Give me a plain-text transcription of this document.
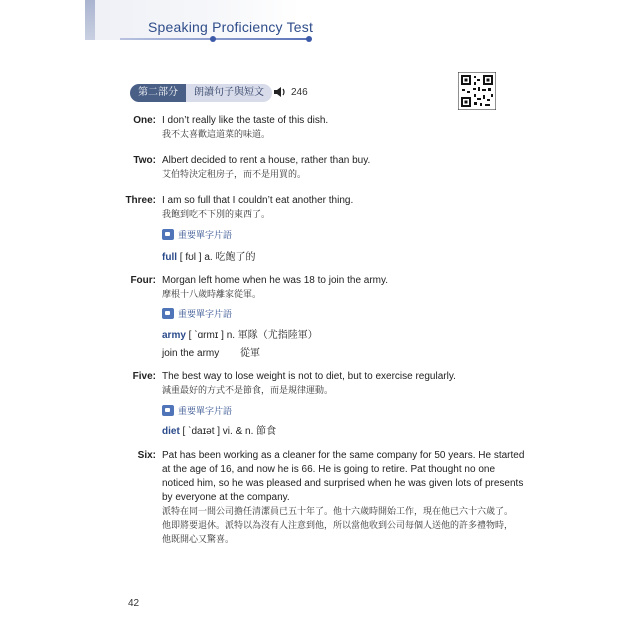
Speaking Proficiency Test
第二部分	朗讀句子與短文	246
One: I don’t really like the taste of this dish.
我不太喜歡這道菜的味道。
Two: Albert decided to rent a house, rather than buy.
艾伯特決定租房子，而不是用買的。
Three: I am so full that I couldn’t eat another thing.
我飽到吃不下別的東西了。
重要單字片語
full [ fʊl ] a. 吃飽了的
Four: Morgan left home when he was 18 to join the army.
摩根十八歲時離家從軍。
重要單字片語
army [ ˋɑrmɪ ] n. 軍隊（尤指陸軍）
join the army 從軍
Five: The best way to lose weight is not to diet, but to exercise regularly.
減重最好的方式不是節食，而是規律運動。
重要單字片語
diet [ ˋdaɪət ] vi. & n. 節食
Six: Pat has been working as a cleaner for the same company for 50 years. He started
at the age of 16, and now he is 66. He is going to retire. Pat thought no one
noticed him, so he was pleased and surprised when he was given lots of presents
by everyone at the company.
派特在同一間公司擔任清潔員已五十年了。他十六歲時開始工作，現在他已六十六歲了。
他即將要退休。派特以為沒有人注意到他，所以當他收到公司每個人送他的許多禮物時，
他既開心又驚喜。
42
